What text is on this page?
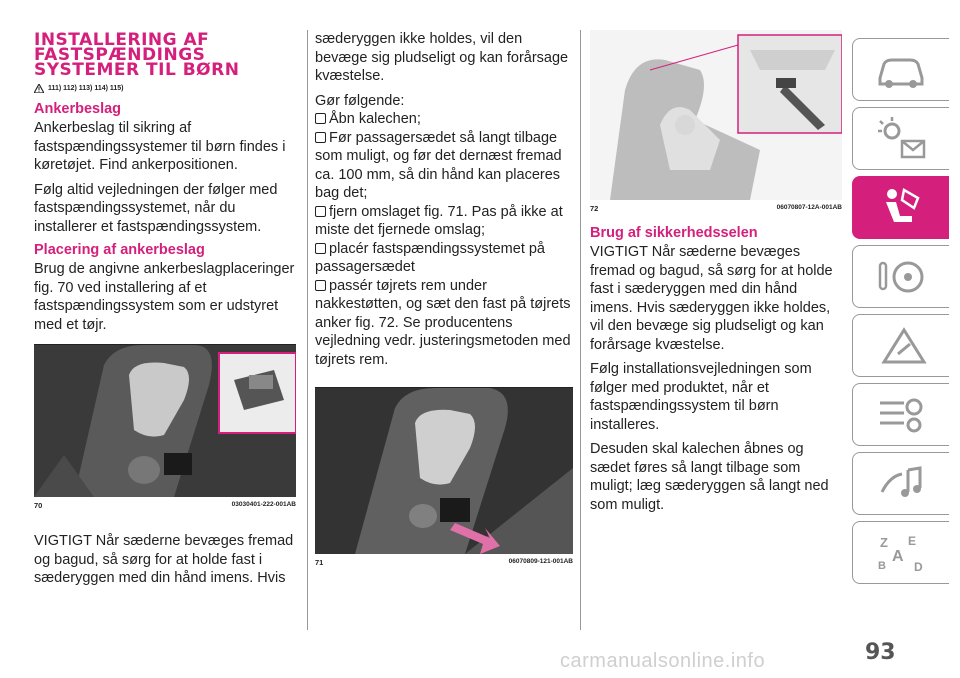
INSTALLERING AF
FASTSPÆNDINGS
SYSTEMER TIL BØRN
111) 112) 113) 114) 115)
Ankerbeslag

Ankerbeslag til sikring af fastspændingssystemer til børn findes i køretøjet. Find ankerpositionen.

Følg altid vejledningen der følger med fastspændingssystemet, når du installerer et fastspændingssystem.

Placering af ankerbeslag

Brug de angivne ankerbeslagplaceringer fig. 70 ved installering af et fastspændingssystem som er udstyret med et tøjr.

70	03030401-222-001AB

VIGTIGT Når sæderne bevæges fremad og bagud, så sørg for at holde fast i sæderyggen med din hånd imens. Hvis

sæderyggen ikke holdes, vil den bevæge sig pludseligt og kan forårsage kvæstelse.

Gør følgende:

Åbn kalechen;
Før passagersædet så langt tilbage som muligt, og før det dernæst fremad ca. 100 mm, så din hånd kan placeres bag det;
fjern omslaget fig. 71. Pas på ikke at miste det fjernede omslag;
placér fastspændingssystemet på passagersædet
passér tøjrets rem under nakkestøtten, og sæt den fast på tøjrets anker fig. 72. Se producentens vejledning vedr. justeringsmetoden med tøjrets rem.
71	06070809-121-001AB
72	06070807-12A-001AB
Brug af sikkerhedsselen

VIGTIGT Når sæderne bevæges fremad og bagud, så sørg for at holde fast i sæderyggen med din hånd imens. Hvis sæderyggen ikke holdes, vil den bevæge sig pludseligt og kan forårsage kvæstelse.

Følg installationsvejledningen som følger med produktet, når et fastspændingssystem til børn installeres.

Desuden skal kalechen åbnes og sædet føres så langt tilbage som muligt; læg sæderyggen så langt ned som muligt.

Z E
A
B D
93
carmanualsonline.info
